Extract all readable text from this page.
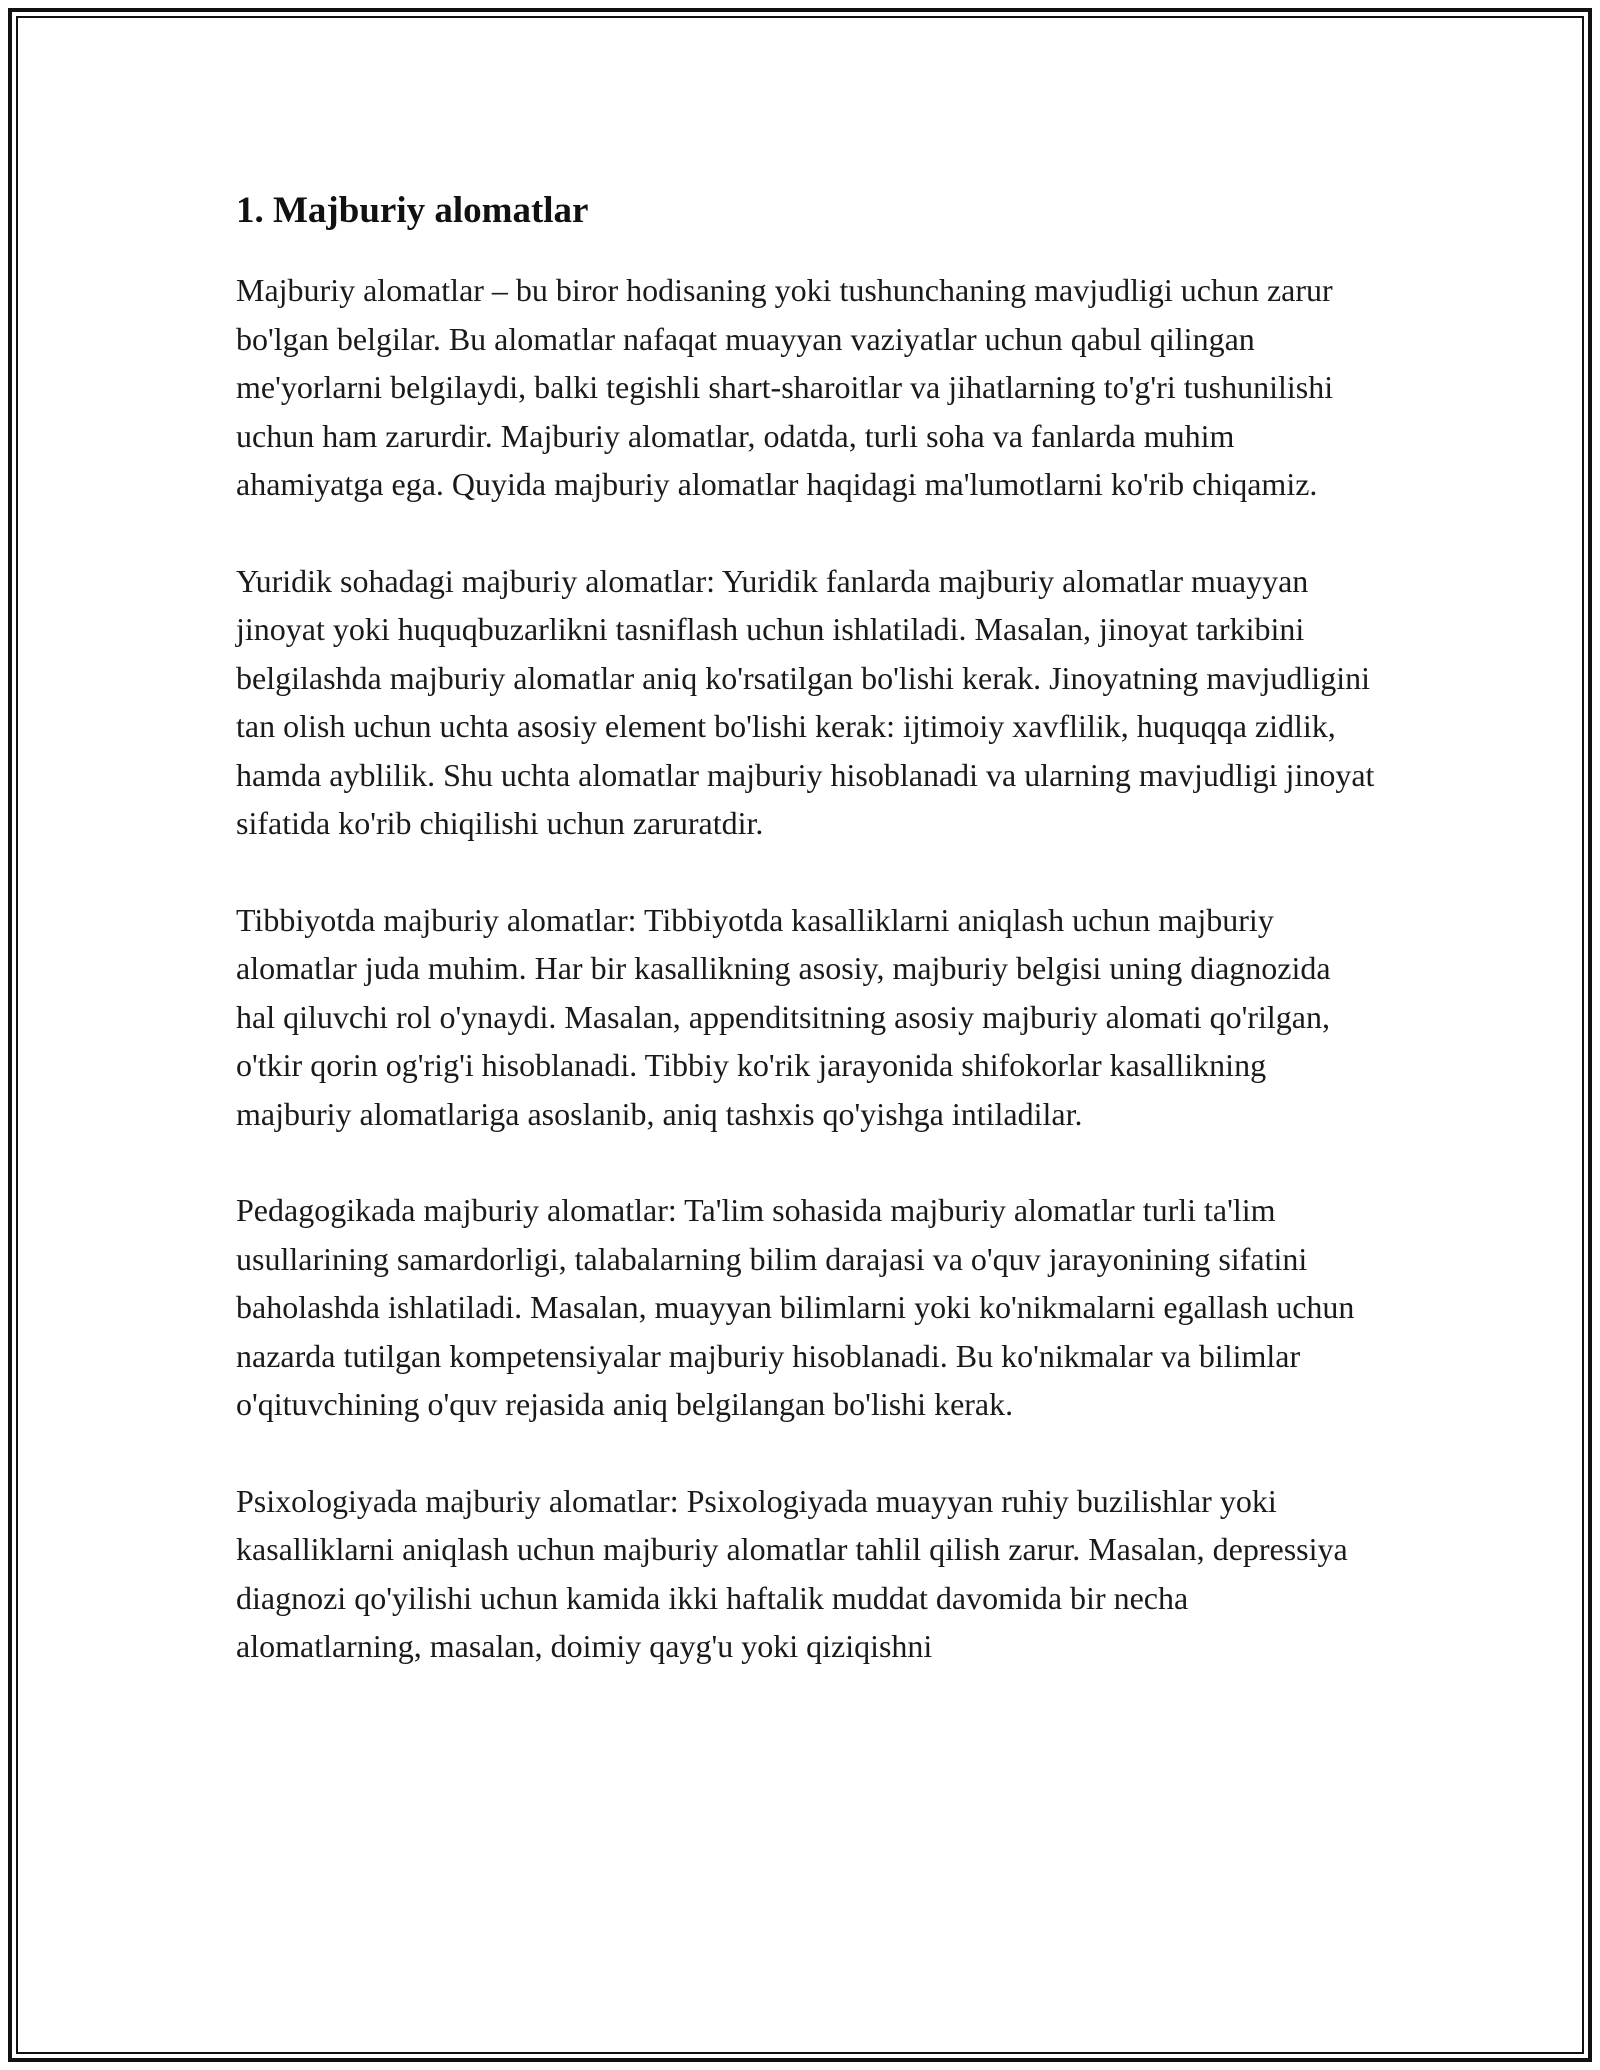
1. Majburiy alomatlar

Majburiy alomatlar – bu biror hodisaning yoki tushunchaning mavjudligi uchun zarur bo'lgan belgilar. Bu alomatlar nafaqat muayyan vaziyatlar uchun qabul qilingan me'yorlarni belgilaydi, balki tegishli shart-sharoitlar va jihatlarning to'g'ri tushunilishi uchun ham zarurdir. Majburiy alomatlar, odatda, turli soha va fanlarda muhim ahamiyatga ega. Quyida majburiy alomatlar haqidagi ma'lumotlarni ko'rib chiqamiz.

Yuridik sohadagi majburiy alomatlar: Yuridik fanlarda majburiy alomatlar muayyan jinoyat yoki huquqbuzarlikni tasniflash uchun ishlatiladi. Masalan, jinoyat tarkibini belgilashda majburiy alomatlar aniq ko'rsatilgan bo'lishi kerak. Jinoyatning mavjudligini tan olish uchun uchta asosiy element bo'lishi kerak: ijtimoiy xavflilik, huquqqa zidlik, hamda ayblilik. Shu uchta alomatlar majburiy hisoblanadi va ularning mavjudligi jinoyat sifatida ko'rib chiqilishi uchun zaruratdir.

Tibbiyotda majburiy alomatlar: Tibbiyotda kasalliklarni aniqlash uchun majburiy alomatlar juda muhim. Har bir kasallikning asosiy, majburiy belgisi uning diagnozida hal qiluvchi rol o'ynaydi. Masalan, appenditsitning asosiy majburiy alomati qo'rilgan, o'tkir qorin og'rig'i hisoblanadi. Tibbiy ko'rik jarayonida shifokorlar kasallikning majburiy alomatlariga asoslanib, aniq tashxis qo'yishga intiladilar.

Pedagogikada majburiy alomatlar: Ta'lim sohasida majburiy alomatlar turli ta'lim usullarining samardorligi, talabalarning bilim darajasi va o'quv jarayonining sifatini baholashda ishlatiladi. Masalan, muayyan bilimlarni yoki ko'nikmalarni egallash uchun nazarda tutilgan kompetensiyalar majburiy hisoblanadi. Bu ko'nikmalar va bilimlar o'qituvchining o'quv rejasida aniq belgilangan bo'lishi kerak.

Psixologiyada majburiy alomatlar: Psixologiyada muayyan ruhiy buzilishlar yoki kasalliklarni aniqlash uchun majburiy alomatlar tahlil qilish zarur. Masalan, depressiya diagnozi qo'yilishi uchun kamida ikki haftalik muddat davomida bir necha alomatlarning, masalan, doimiy qayg'u yoki qiziqishni
